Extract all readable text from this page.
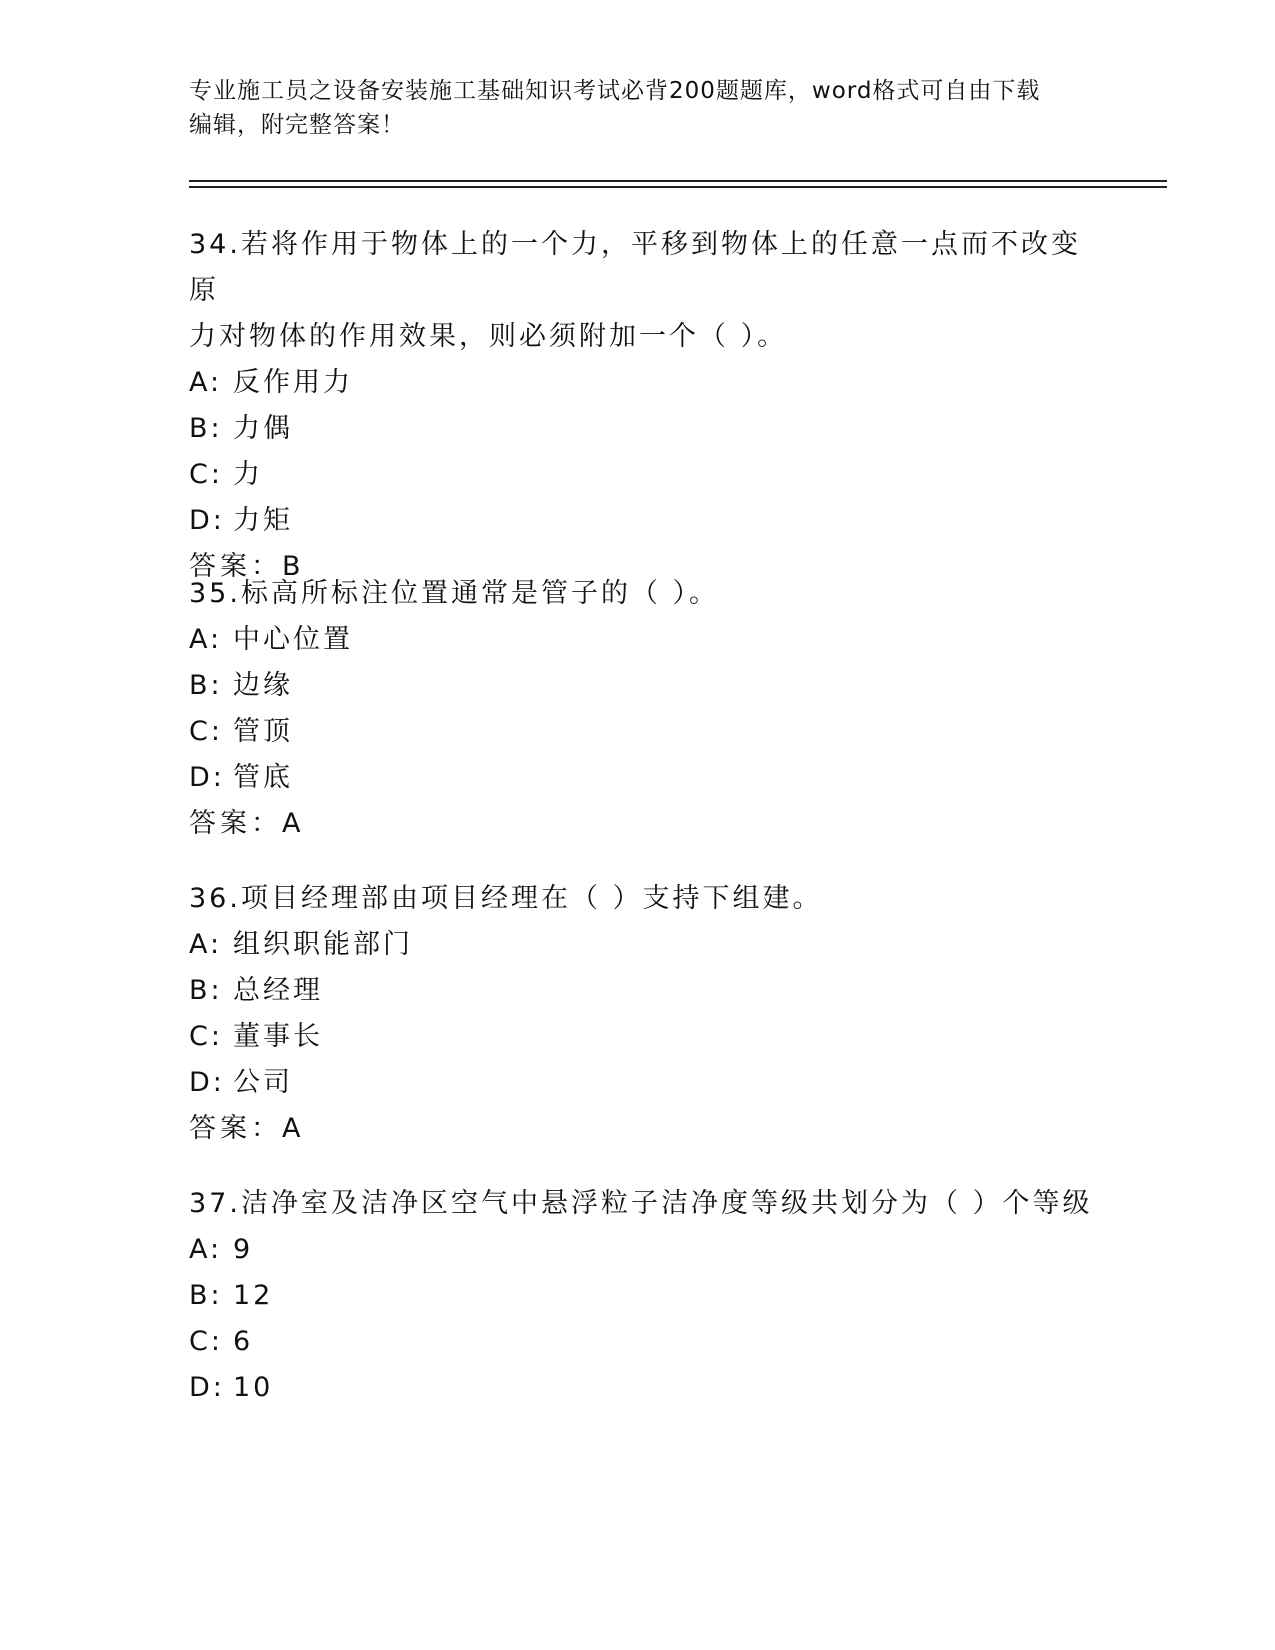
专业施工员之设备安装施工基础知识考试必背200题题库，word格式可自由下载
编辑，附完整答案！
34.若将作用于物体上的一个力，平移到物体上的任意一点而不改变原
力对物体的作用效果，则必须附加一个（ ）。
A: 反作用力
B: 力偶
C: 力
D: 力矩
答案：B
35.标高所标注位置通常是管子的（ ）。
A: 中心位置
B: 边缘
C: 管顶
D: 管底
答案：A
36.项目经理部由项目经理在（ ）支持下组建。
A: 组织职能部门
B: 总经理
C: 董事长
D: 公司
答案：A
37.洁净室及洁净区空气中悬浮粒子洁净度等级共划分为（ ）个等级
A: 9
B: 12
C: 6
D: 10
